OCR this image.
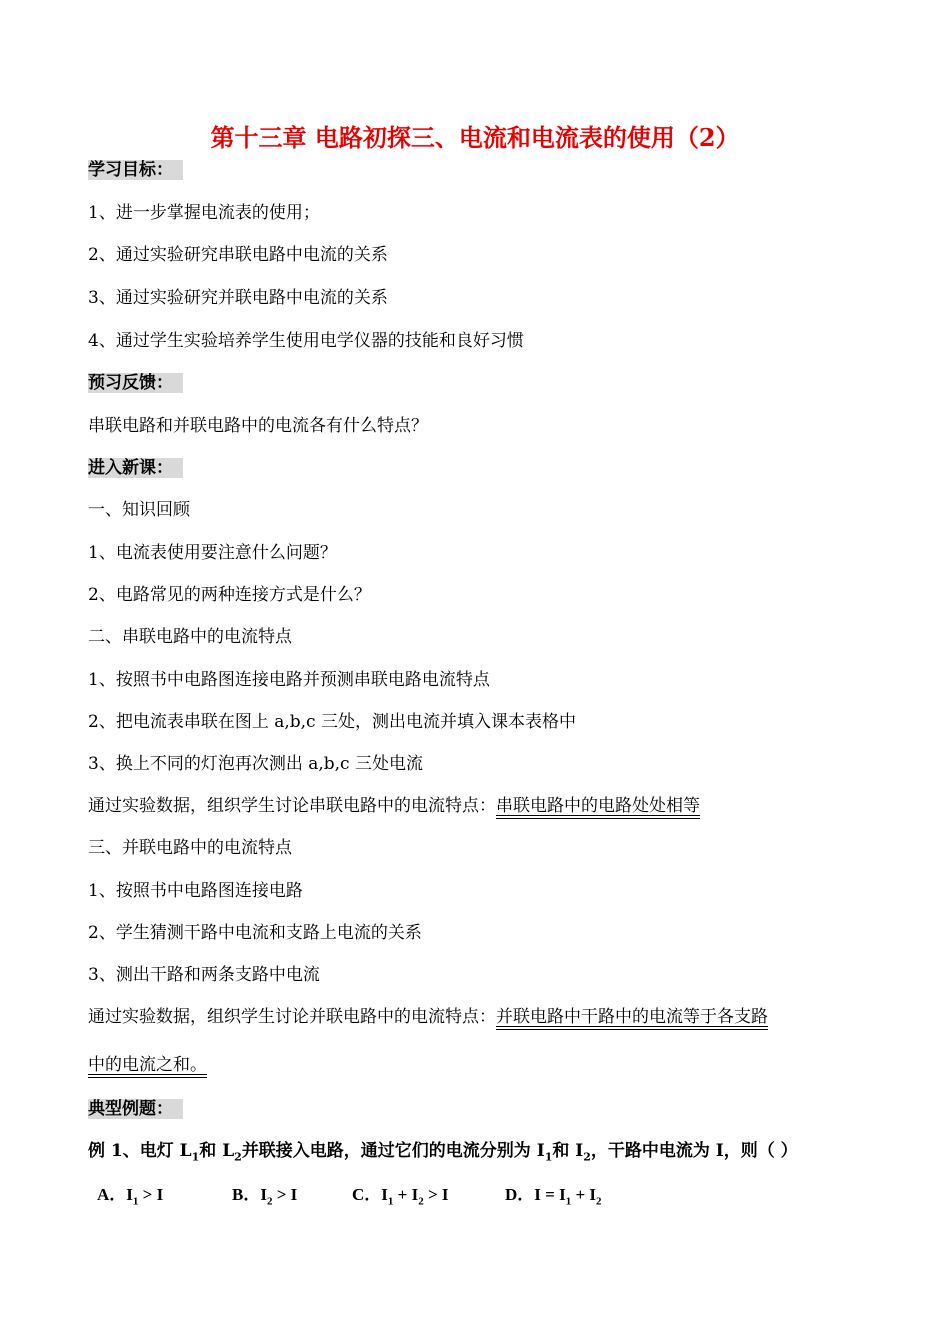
第十三章 电路初探三、电流和电流表的使用（2）
学习目标：
1、进一步掌握电流表的使用；
2、通过实验研究串联电路中电流的关系
3、通过实验研究并联电路中电流的关系
4、通过学生实验培养学生使用电学仪器的技能和良好习惯
预习反馈：
串联电路和并联电路中的电流各有什么特点？
进入新课：
一、知识回顾
1、电流表使用要注意什么问题？
2、电路常见的两种连接方式是什么？
二、串联电路中的电流特点
1、按照书中电路图连接电路并预测串联电路电流特点
2、把电流表串联在图上 a,b,c 三处，测出电流并填入课本表格中
3、换上不同的灯泡再次测出 a,b,c 三处电流
通过实验数据，组织学生讨论串联电路中的电流特点：串联电路中的电路处处相等
三、并联电路中的电流特点
1、按照书中电路图连接电路
2、学生猜测干路中电流和支路上电流的关系
3、测出干路和两条支路中电流
通过实验数据，组织学生讨论并联电路中的电流特点：并联电路中干路中的电流等于各支路
中的电流之和。
典型例题：
例 1、电灯 $L_1$和 $L_2$并联接入电路，通过它们的电流分别为 $I_1$和 $I_2$，干路中电流为 I，则（ ）
A．$I_1 > I$	B．$I_2 > I$	C．$I_1 + I_2 > I$	D．$I = I_1 + I_2$
